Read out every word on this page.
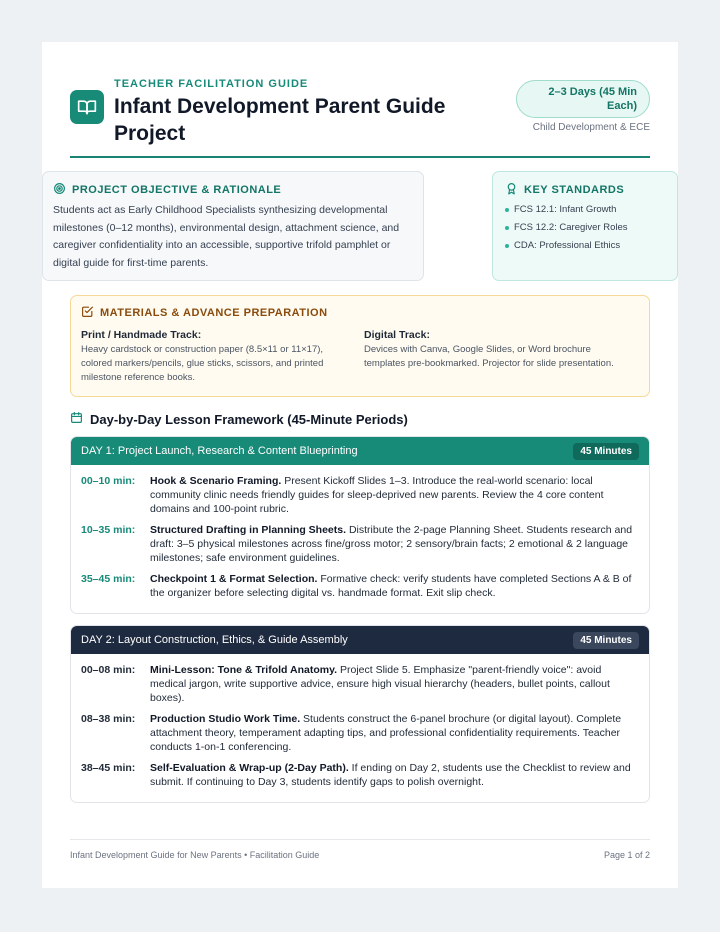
TEACHER FACILITATION GUIDE
Infant Development Parent Guide Project
2–3 Days (45 Min Each)
Child Development & ECE
PROJECT OBJECTIVE & RATIONALE
Students act as Early Childhood Specialists synthesizing developmental milestones (0–12 months), environmental design, attachment science, and caregiver confidentiality into an accessible, supportive trifold pamphlet or digital guide for first-time parents.
KEY STANDARDS
FCS 12.1: Infant Growth
FCS 12.2: Caregiver Roles
CDA: Professional Ethics
MATERIALS & ADVANCE PREPARATION
Print / Handmade Track:
Heavy cardstock or construction paper (8.5×11 or 11×17), colored markers/pencils, glue sticks, scissors, and printed milestone reference books.
Digital Track:
Devices with Canva, Google Slides, or Word brochure templates pre-bookmarked. Projector for slide presentation.
Day-by-Day Lesson Framework (45-Minute Periods)
DAY 1: Project Launch, Research & Content Blueprinting	45 Minutes
00–10 min:	Hook & Scenario Framing. Present Kickoff Slides 1–3. Introduce the real-world scenario: local community clinic needs friendly guides for sleep-deprived new parents. Review the 4 core content domains and 100-point rubric.
10–35 min:	Structured Drafting in Planning Sheets. Distribute the 2-page Planning Sheet. Students research and draft: 3–5 physical milestones across fine/gross motor; 2 sensory/brain facts; 2 emotional & 2 language milestones; safe environment guidelines.
35–45 min:	Checkpoint 1 & Format Selection. Formative check: verify students have completed Sections A & B of the organizer before selecting digital vs. handmade format. Exit slip check.
DAY 2: Layout Construction, Ethics, & Guide Assembly	45 Minutes
00–08 min:	Mini-Lesson: Tone & Trifold Anatomy. Project Slide 5. Emphasize "parent-friendly voice": avoid medical jargon, write supportive advice, ensure high visual hierarchy (headers, bullet points, callout boxes).
08–38 min:	Production Studio Work Time. Students construct the 6-panel brochure (or digital layout). Complete attachment theory, temperament adapting tips, and professional confidentiality requirements. Teacher conducts 1-on-1 conferencing.
38–45 min:	Self-Evaluation & Wrap-up (2-Day Path). If ending on Day 2, students use the Checklist to review and submit. If continuing to Day 3, students identify gaps to polish overnight.
Infant Development Guide for New Parents • Facilitation Guide	Page 1 of 2
